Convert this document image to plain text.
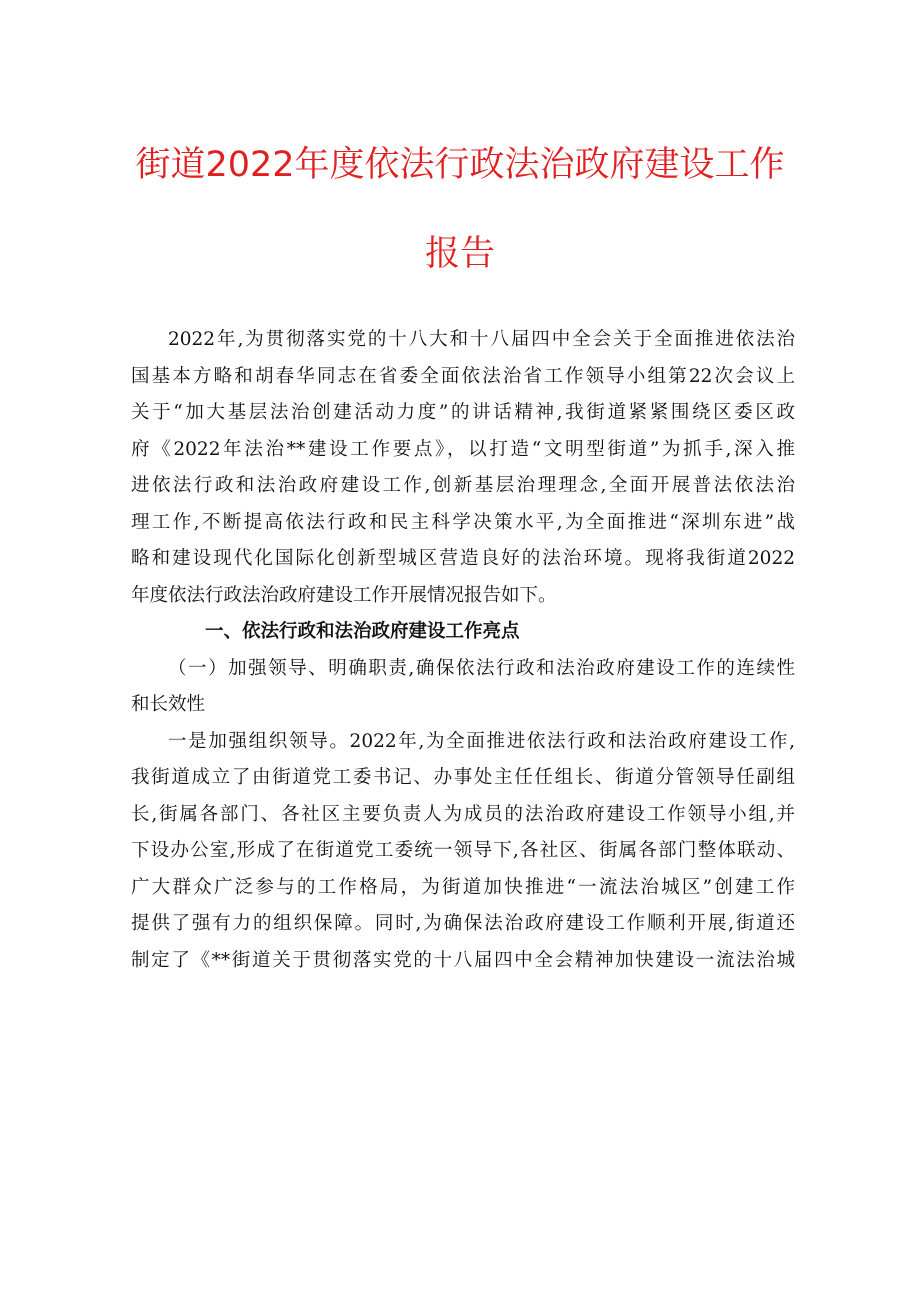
街道2022年度依法行政法治政府建设工作
报告
2022年,为贯彻落实党的十八大和十八届四中全会关于全面推进依法治
国基本方略和胡春华同志在省委全面依法治省工作领导小组第22次会议上
关于“加大基层法治创建活动力度”的讲话精神,我街道紧紧围绕区委区政
府《2022年法治**建设工作要点》，以打造“文明型街道”为抓手,深入推
进依法行政和法治政府建设工作,创新基层治理理念,全面开展普法依法治
理工作,不断提高依法行政和民主科学决策水平,为全面推进“深圳东进”战
略和建设现代化国际化创新型城区营造良好的法治环境。现将我街道2022
年度依法行政法治政府建设工作开展情况报告如下。
一、依法行政和法治政府建设工作亮点
（一）加强领导、明确职责,确保依法行政和法治政府建设工作的连续性
和长效性
一是加强组织领导。2022年,为全面推进依法行政和法治政府建设工作,
我街道成立了由街道党工委书记、办事处主任任组长、街道分管领导任副组
长,街属各部门、各社区主要负责人为成员的法治政府建设工作领导小组,并
下设办公室,形成了在街道党工委统一领导下,各社区、街属各部门整体联动、
广大群众广泛参与的工作格局，为街道加快推进“一流法治城区”创建工作
提供了强有力的组织保障。同时,为确保法治政府建设工作顺利开展,街道还
制定了《**街道关于贯彻落实党的十八届四中全会精神加快建设一流法治城
